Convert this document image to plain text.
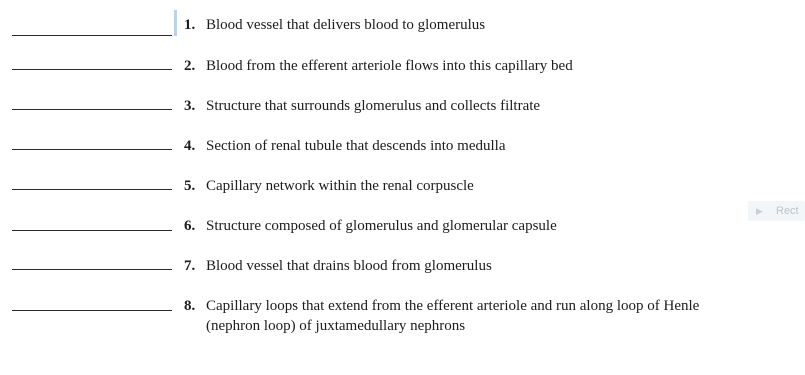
1. Blood vessel that delivers blood to glomerulus
2. Blood from the efferent arteriole flows into this capillary bed
3. Structure that surrounds glomerulus and collects filtrate
4. Section of renal tubule that descends into medulla
5. Capillary network within the renal corpuscle
6. Structure composed of glomerulus and glomerular capsule
7. Blood vessel that drains blood from glomerulus
8. Capillary loops that extend from the efferent arteriole and run along loop of Henle (nephron loop) of juxtamedullary nephrons
▶ Rect
